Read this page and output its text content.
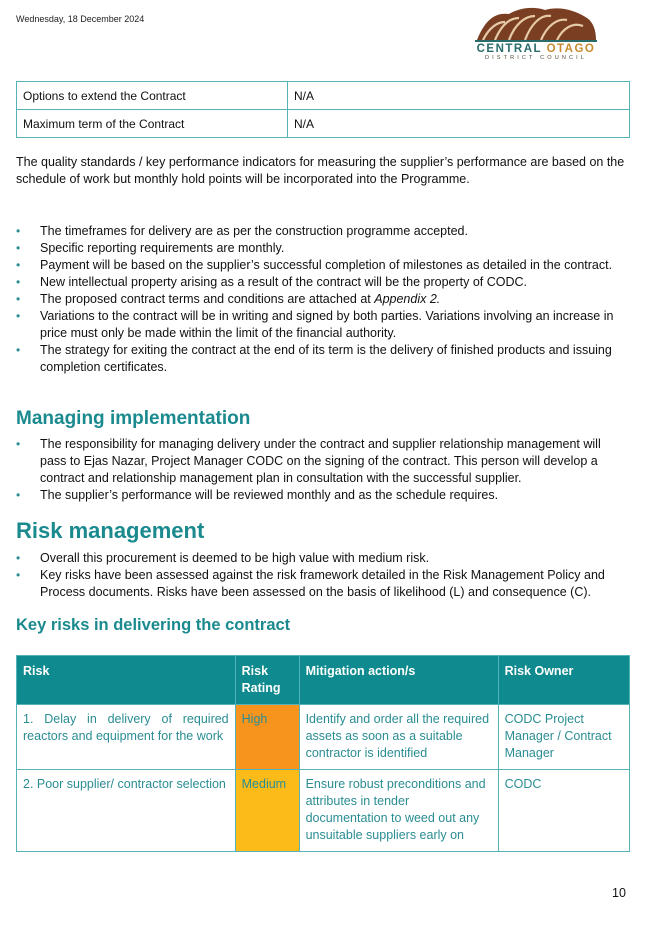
Wednesday, 18 December 2024
CENTRAL OTAGO
DISTRICT COUNCIL
Options to extend the Contract	N/A
Maximum term of the Contract	N/A

The quality standards / key performance indicators for measuring the supplier’s performance are based on the schedule of work but monthly hold points will be incorporated into the Programme.

• The timeframes for delivery are as per the construction programme accepted.
• Specific reporting requirements are monthly.
• Payment will be based on the supplier’s successful completion of milestones as detailed in the contract.
• New intellectual property arising as a result of the contract will be the property of CODC.
• The proposed contract terms and conditions are attached at Appendix 2.
• Variations to the contract will be in writing and signed by both parties. Variations involving an increase in price must only be made within the limit of the financial authority.
• The strategy for exiting the contract at the end of its term is the delivery of finished products and issuing completion certificates.
Managing implementation
• The responsibility for managing delivery under the contract and supplier relationship management will pass to Ejas Nazar, Project Manager CODC on the signing of the contract. This person will develop a contract and relationship management plan in consultation with the successful supplier.
• The supplier’s performance will be reviewed monthly and as the schedule requires.
Risk management
• Overall this procurement is deemed to be high value with medium risk.
• Key risks have been assessed against the risk framework detailed in the Risk Management Policy and Process documents. Risks have been assessed on the basis of likelihood (L) and consequence (C).
Key risks in delivering the contract
Risk	Risk Rating	Mitigation action/s	Risk Owner
1. Delay in delivery of required reactors and equipment for the work	High	Identify and order all the required assets as soon as a suitable contractor is identified	CODC Project Manager / Contract Manager
2. Poor supplier/ contractor selection	Medium	Ensure robust preconditions and attributes in tender documentation to weed out any unsuitable suppliers early on	CODC
10
